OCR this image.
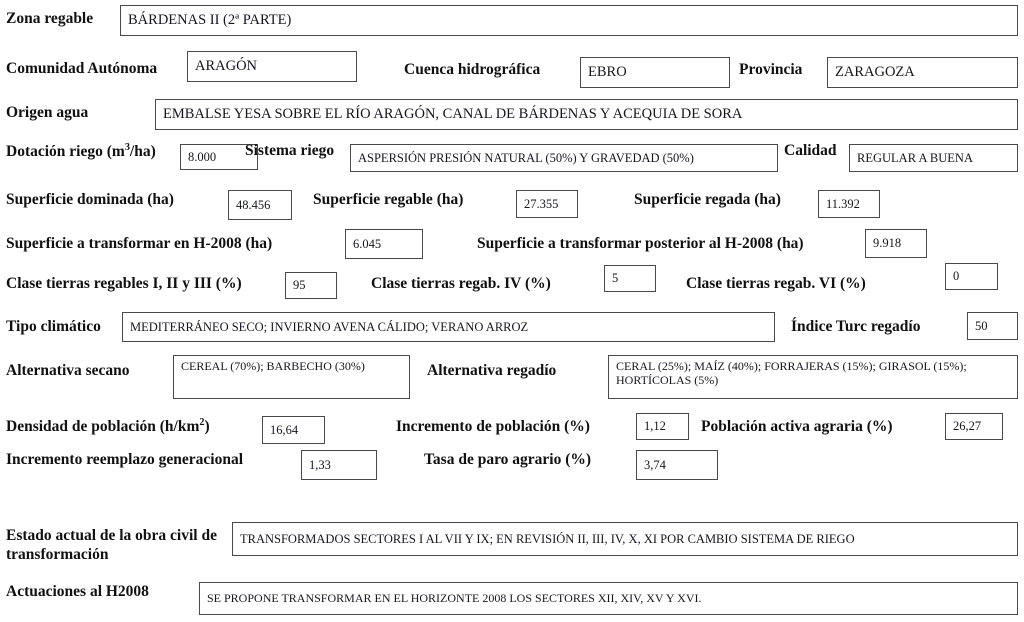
Zona regable BÁRDENAS II (2ª PARTE)
Comunidad Autónoma	ARAGÓN	Cuenca hidrográfica	EBRO	Provincia ZARAGOZA
Origen agua	EMBALSE YESA SOBRE EL RÍO ARAGÓN, CANAL DE BÁRDENAS Y ACEQUIA DE SORA
Dotación riego $(m^3/ha)$	8.000 Sistema riego ASPERSIÓN PRESIÓN NATURAL (50%) Y GRAVEDAD (50%)	Calidad REGULAR A BUENA
Superficie dominada (ha)	48.456	Superficie regable (ha)	27.355	Superficie regada (ha)	11.392
Superficie a transformar en H-2008 (ha)	6.045	Superficie a transformar posterior al H-2008 (ha)	9.918
Clase tierras regables I, II y III (%)	95	Clase tierras regab. IV (%)	5	Clase tierras regab. VI (%)	0
Tipo climático MEDITERRÁNEO SECO; INVIERNO AVENA CÁLIDO; VERANO ARROZ	Índice Turc regadío	50
Alternativa secano	CEREAL (70%); BARBECHO (30%)	Alternativa regadío	CERAL (25%); MAÍZ (40%); FORRAJERAS (15%); GIRASOL (15%); HORTÍCOLAS (5%)
Densidad de población $(h/km^2)$	16,64	Incremento de población (%)	1,12 Población activa agraria (%)	26,27
Incremento reemplazo generacional	1,33	Tasa de paro agrario (%)	3,74
Estado actual de la obra civil de transformación
TRANSFORMADOS SECTORES I AL VII Y IX; EN REVISIÓN II, III, IV, X, XI POR CAMBIO SISTEMA DE RIEGO
Actuaciones al H2008	SE PROPONE TRANSFORMAR EN EL HORIZONTE 2008 LOS SECTORES XII, XIV, XV Y XVI.
